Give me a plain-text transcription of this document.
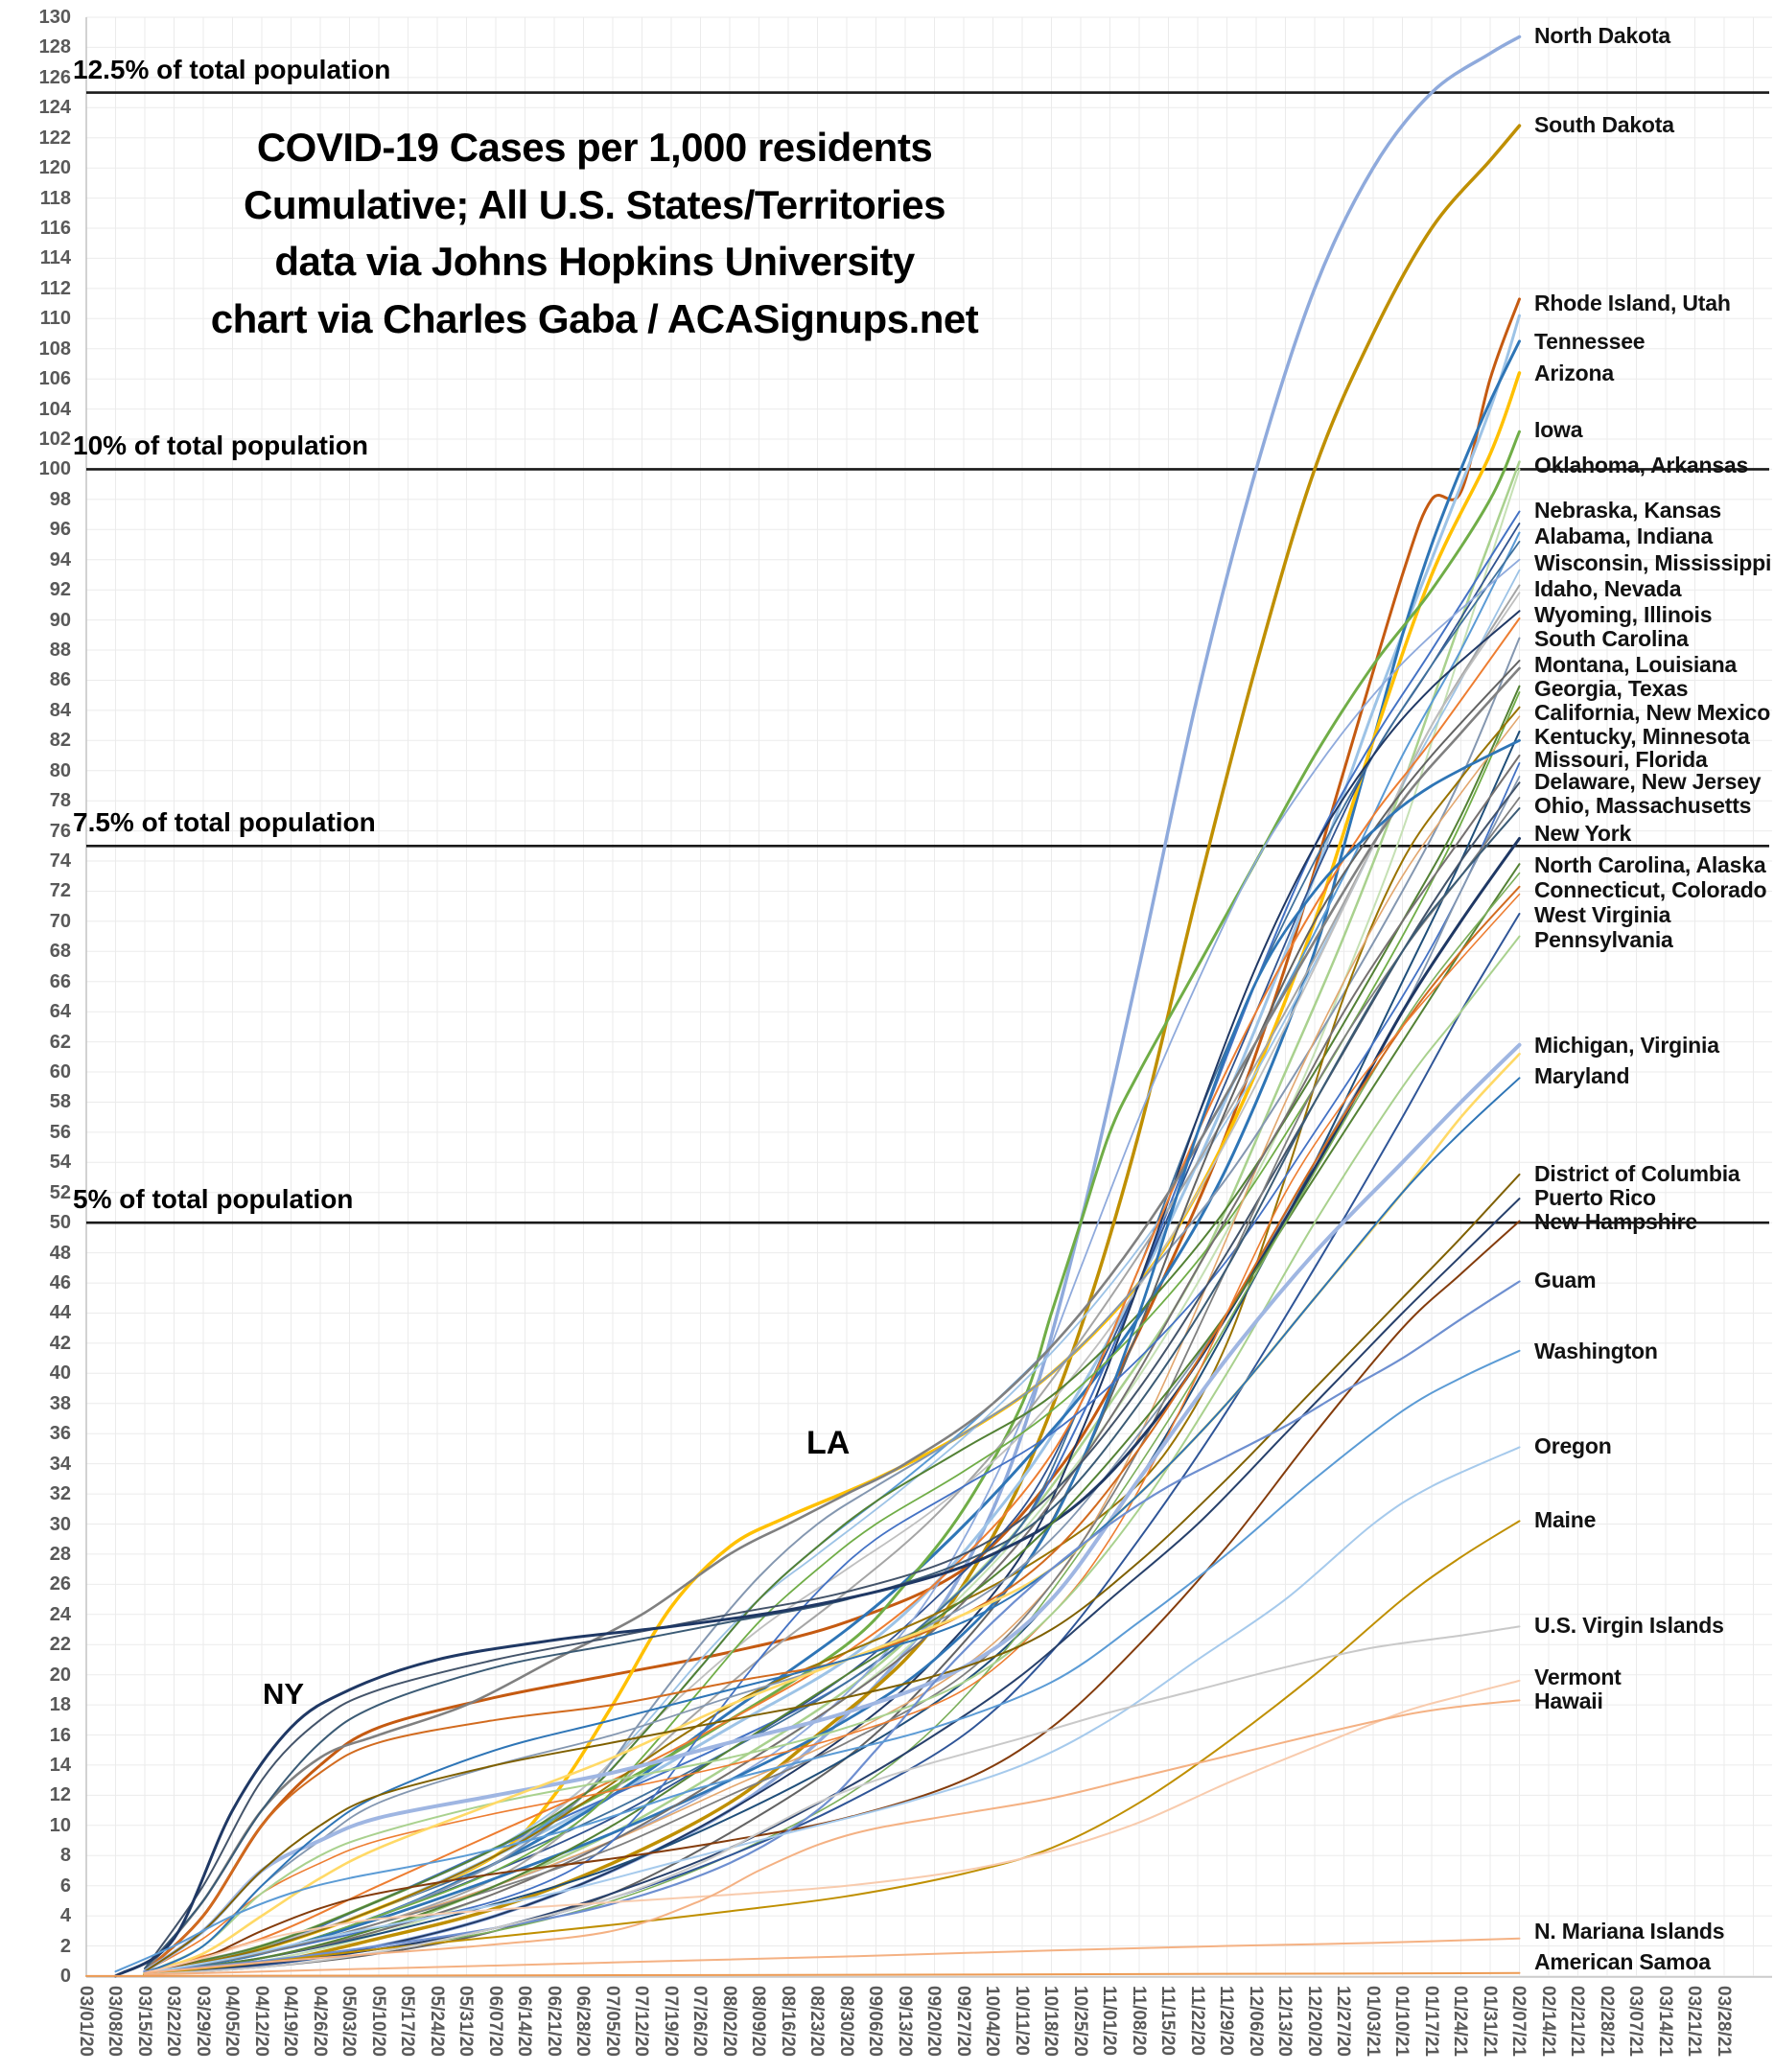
COVID-19 Cases per 1,000 residents
Cumulative; All U.S. States/Territories
data via Johns Hopkins University
chart via Charles Gaba / ACASignups.net
130
128
126
124
122
120
118
116
114
112
110
108
106
104
102
100
98
96
94
92
90
88
86
84
82
80
78
76
74
72
70
68
66
64
62
60
58
56
54
52
50
48
46
44
42
40
38
36
34
32
30
28
26
24
22
20
18
16
14
12
10
8
6
4
2
0
03/01/20 03/08/20 03/15/20 03/22/20 03/29/20 04/05/20 04/12/20 04/19/20 04/26/20 05/03/20 05/10/20 05/17/20 05/24/20 05/31/20 06/07/20 06/14/20 06/21/20 06/28/20 07/05/20 07/12/20 07/19/20 07/26/20 08/02/20 08/09/20 08/16/20 08/23/20 08/30/20 09/06/20 09/13/20 09/20/20 09/27/20 10/04/20 10/11/20 10/18/20 10/25/20 11/01/20 11/08/20 11/15/20 11/22/20 11/29/20 12/06/20 12/13/20 12/20/20 12/27/20 01/03/21 01/10/21 01/17/21 01/24/21 01/31/21 02/07/21 02/14/21 02/21/21 02/28/21 03/07/21 03/14/21 03/21/21 03/28/21
12.5% of total population
10% of total population
7.5% of total population
5% of total population
North Dakota
South Dakota
Rhode Island, Utah
Tennessee
Arizona
Iowa
Oklahoma, Arkansas
Nebraska, Kansas
Alabama, Indiana
Wisconsin, Mississippi
Idaho, Nevada
Wyoming, Illinois
South Carolina
Montana, Louisiana
Georgia, Texas
California, New Mexico
Kentucky, Minnesota
Missouri, Florida
Delaware, New Jersey
Ohio, Massachusetts
New York
North Carolina, Alaska
Connecticut, Colorado
West Virginia
Pennsylvania
Michigan, Virginia
Maryland
District of Columbia
Puerto Rico
New Hampshire
Guam
Washington
Oregon
Maine
U.S. Virgin Islands
Vermont
Hawaii
N. Mariana Islands
American Samoa
NY
LA
